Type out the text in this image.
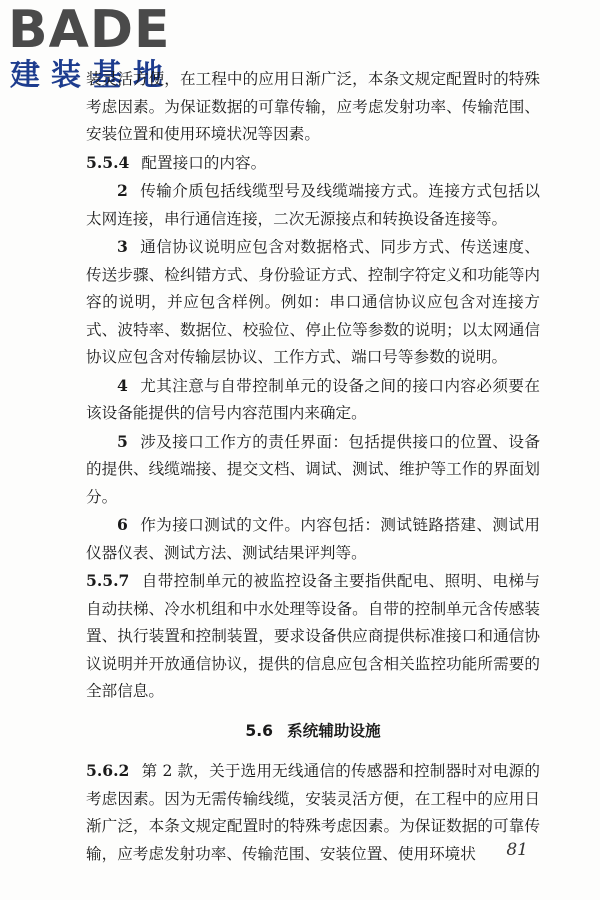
BADE
建装基地

装灵活方便，在工程中的应用日渐广泛，本条文规定配置时的特殊考虑因素。为保证数据的可靠传输，应考虑发射功率、传输范围、安装位置和使用环境状况等因素。

5.5.4 配置接口的内容。

2 传输介质包括线缆型号及线缆端接方式。连接方式包括以太网连接，串行通信连接，二次无源接点和转换设备连接等。

3 通信协议说明应包含对数据格式、同步方式、传送速度、传送步骤、检纠错方式、身份验证方式、控制字符定义和功能等内容的说明，并应包含样例。例如：串口通信协议应包含对连接方式、波特率、数据位、校验位、停止位等参数的说明；以太网通信协议应包含对传输层协议、工作方式、端口号等参数的说明。

4 尤其注意与自带控制单元的设备之间的接口内容必须要在该设备能提供的信号内容范围内来确定。

5 涉及接口工作方的责任界面：包括提供接口的位置、设备的提供、线缆端接、提交文档、调试、测试、维护等工作的界面划分。

6 作为接口测试的文件。内容包括：测试链路搭建、测试用仪器仪表、测试方法、测试结果评判等。

5.5.7 自带控制单元的被监控设备主要指供配电、照明、电梯与自动扶梯、冷水机组和中水处理等设备。自带的控制单元含传感装置、执行装置和控制装置，要求设备供应商提供标准接口和通信协议说明并开放通信协议，提供的信息应包含相关监控功能所需要的全部信息。

5.6 系统辅助设施

5.6.2 第 2 款，关于选用无线通信的传感器和控制器时对电源的考虑因素。因为无需传输线缆，安装灵活方便，在工程中的应用日渐广泛，本条文规定配置时的特殊考虑因素。为保证数据的可靠传输，应考虑发射功率、传输范围、安装位置、使用环境状	81
